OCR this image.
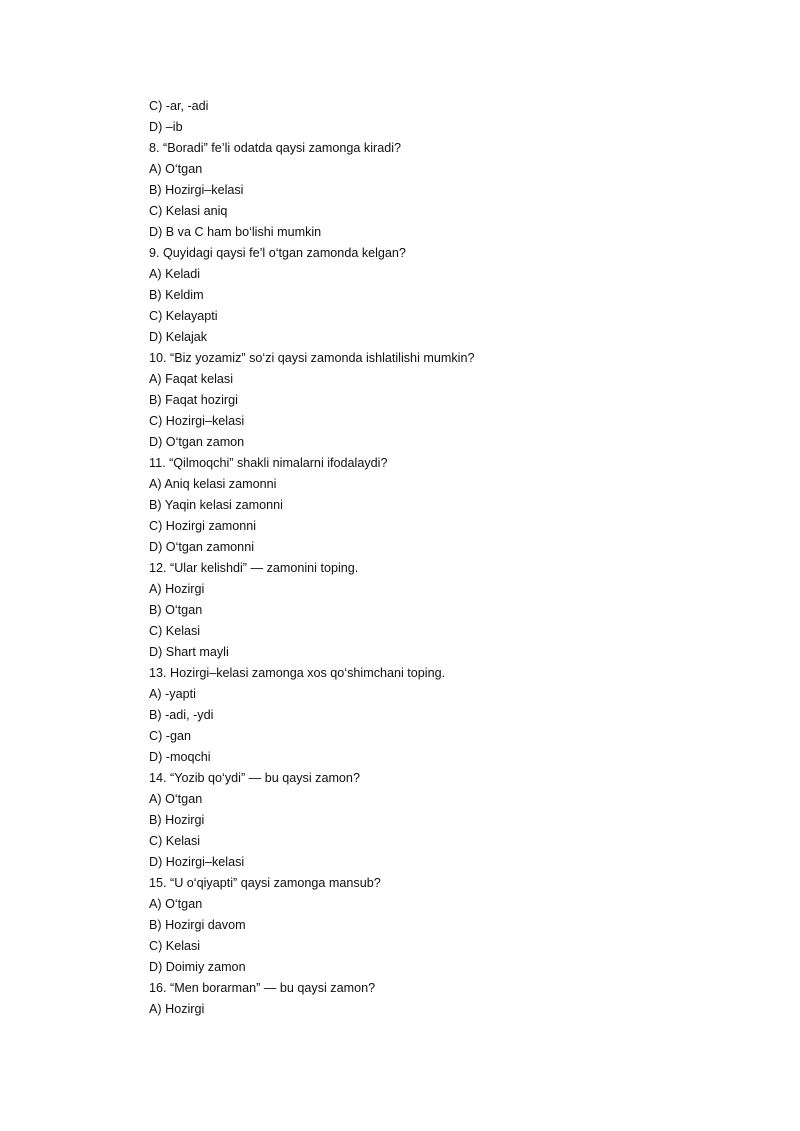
C) -ar, -adi
D) –ib
8. “Boradi” fe’li odatda qaysi zamonga kiradi?
A) O‘tgan
B) Hozirgi–kelasi
C) Kelasi aniq
D) B va C ham bo‘lishi mumkin
9. Quyidagi qaysi fe’l o‘tgan zamonda kelgan?
A) Keladi
B) Keldim
C) Kelayapti
D) Kelajak
10. “Biz yozamiz” so‘zi qaysi zamonda ishlatilishi mumkin?
A) Faqat kelasi
B) Faqat hozirgi
C) Hozirgi–kelasi
D) O‘tgan zamon
11. “Qilmoqchi” shakli nimalarni ifodalaydi?
A) Aniq kelasi zamonni
B) Yaqin kelasi zamonni
C) Hozirgi zamonni
D) O‘tgan zamonni
12. “Ular kelishdi” — zamonini toping.
A) Hozirgi
B) O‘tgan
C) Kelasi
D) Shart mayli
13. Hozirgi–kelasi zamonga xos qo‘shimchani toping.
A) -yapti
B) -adi, -ydi
C) -gan
D) -moqchi
14. “Yozib qo‘ydi” — bu qaysi zamon?
A) O‘tgan
B) Hozirgi
C) Kelasi
D) Hozirgi–kelasi
15. “U o‘qiyapti” qaysi zamonga mansub?
A) O‘tgan
B) Hozirgi davom
C) Kelasi
D) Doimiy zamon
16. “Men borarman” — bu qaysi zamon?
A) Hozirgi
